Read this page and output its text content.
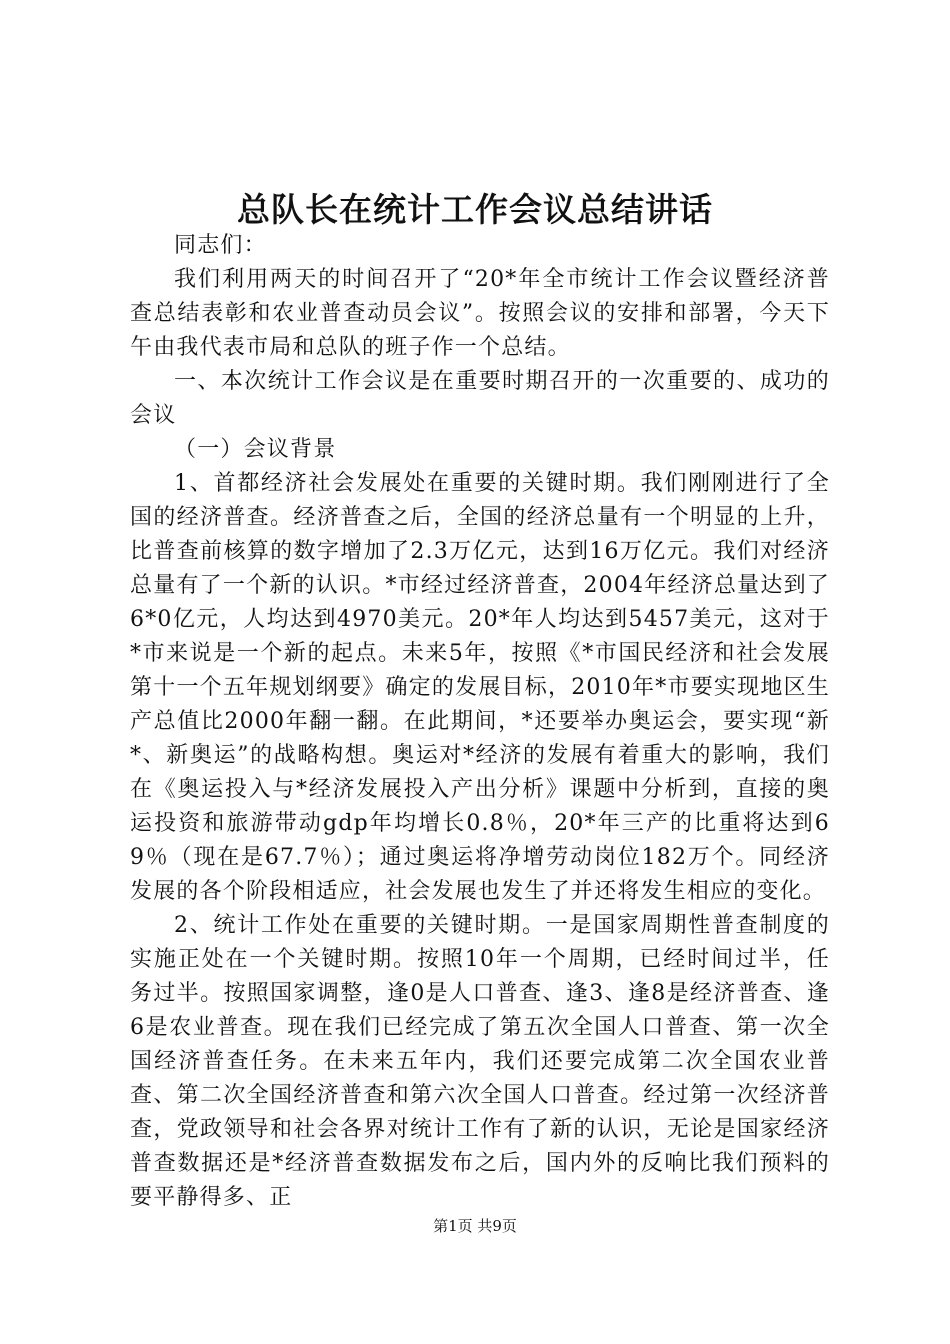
总队长在统计工作会议总结讲话

同志们：

我们利用两天的时间召开了“20*年全市统计工作会议暨经济普查总结表彰和农业普查动员会议”。按照会议的安排和部署，今天下午由我代表市局和总队的班子作一个总结。

一、本次统计工作会议是在重要时期召开的一次重要的、成功的会议

（一）会议背景

1、首都经济社会发展处在重要的关键时期。我们刚刚进行了全国的经济普查。经济普查之后，全国的经济总量有一个明显的上升，比普查前核算的数字增加了2.3万亿元，达到16万亿元。我们对经济总量有了一个新的认识。*市经过经济普查，2004年经济总量达到了6*0亿元，人均达到4970美元。20*年人均达到5457美元，这对于*市来说是一个新的起点。未来5年，按照《*市国民经济和社会发展第十一个五年规划纲要》确定的发展目标，2010年*市要实现地区生产总值比2000年翻一翻。在此期间，*还要举办奥运会，要实现“新*、新奥运”的战略构想。奥运对*经济的发展有着重大的影响，我们在《奥运投入与*经济发展投入产出分析》课题中分析到，直接的奥运投资和旅游带动gdp年均增长0.8％，20*年三产的比重将达到69％（现在是67.7％）；通过奥运将净增劳动岗位182万个。同经济发展的各个阶段相适应，社会发展也发生了并还将发生相应的变化。

2、统计工作处在重要的关键时期。一是国家周期性普查制度的实施正处在一个关键时期。按照10年一个周期，已经时间过半，任务过半。按照国家调整，逢0是人口普查、逢3、逢8是经济普查、逢6是农业普查。现在我们已经完成了第五次全国人口普查、第一次全国经济普查任务。在未来五年内，我们还要完成第二次全国农业普查、第二次全国经济普查和第六次全国人口普查。经过第一次经济普查，党政领导和社会各界对统计工作有了新的认识，无论是国家经济普查数据还是*经济普查数据发布之后，国内外的反响比我们预料的要平静得多、正

第1页 共9页
